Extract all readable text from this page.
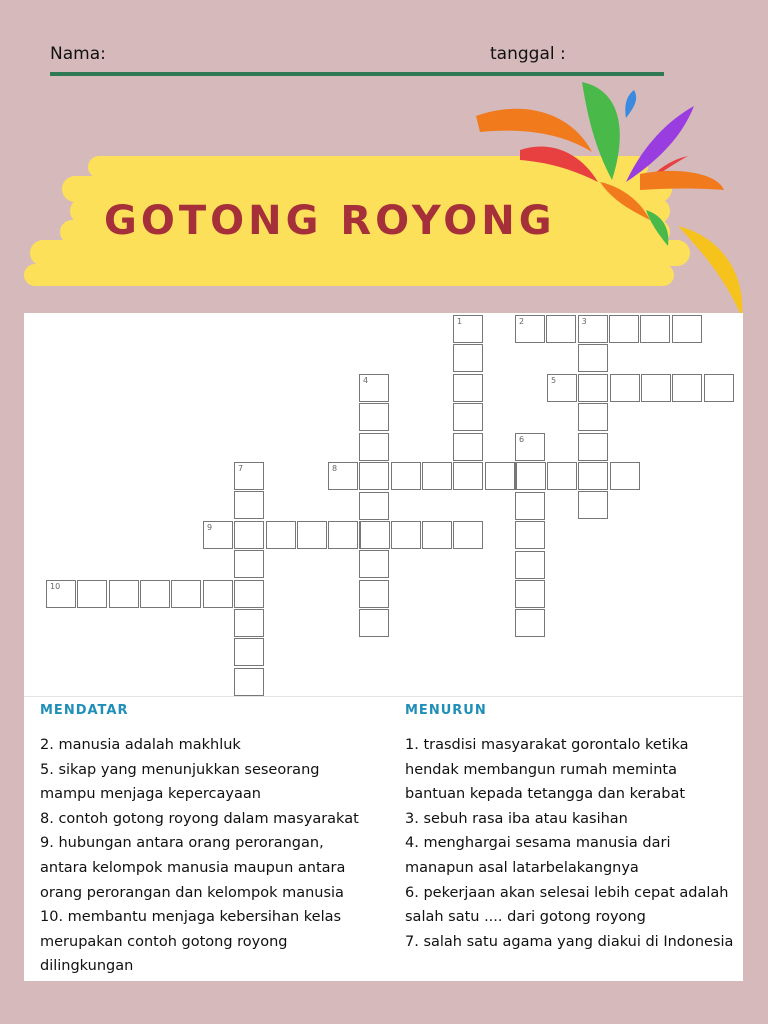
Nama:	tanggal :
GOTONG ROYONG
1	2	3
4	5
6
7	8
9
10
MENDATAR	MENURUN
2. manusia adalah makhluk
5. sikap yang menunjukkan seseorang
mampu menjaga kepercayaan
8. contoh gotong royong dalam masyarakat
9. hubungan antara orang perorangan,
antara kelompok manusia maupun antara
orang perorangan dan kelompok manusia
10. membantu menjaga kebersihan kelas
merupakan contoh gotong royong
dilingkungan
1. trasdisi masyarakat gorontalo ketika
hendak membangun rumah meminta
bantuan kepada tetangga dan kerabat
3. sebuh rasa iba atau kasihan
4. menghargai sesama manusia dari
manapun asal latarbelakangnya
6. pekerjaan akan selesai lebih cepat adalah
salah satu .... dari gotong royong
7. salah satu agama yang diakui di Indonesia
